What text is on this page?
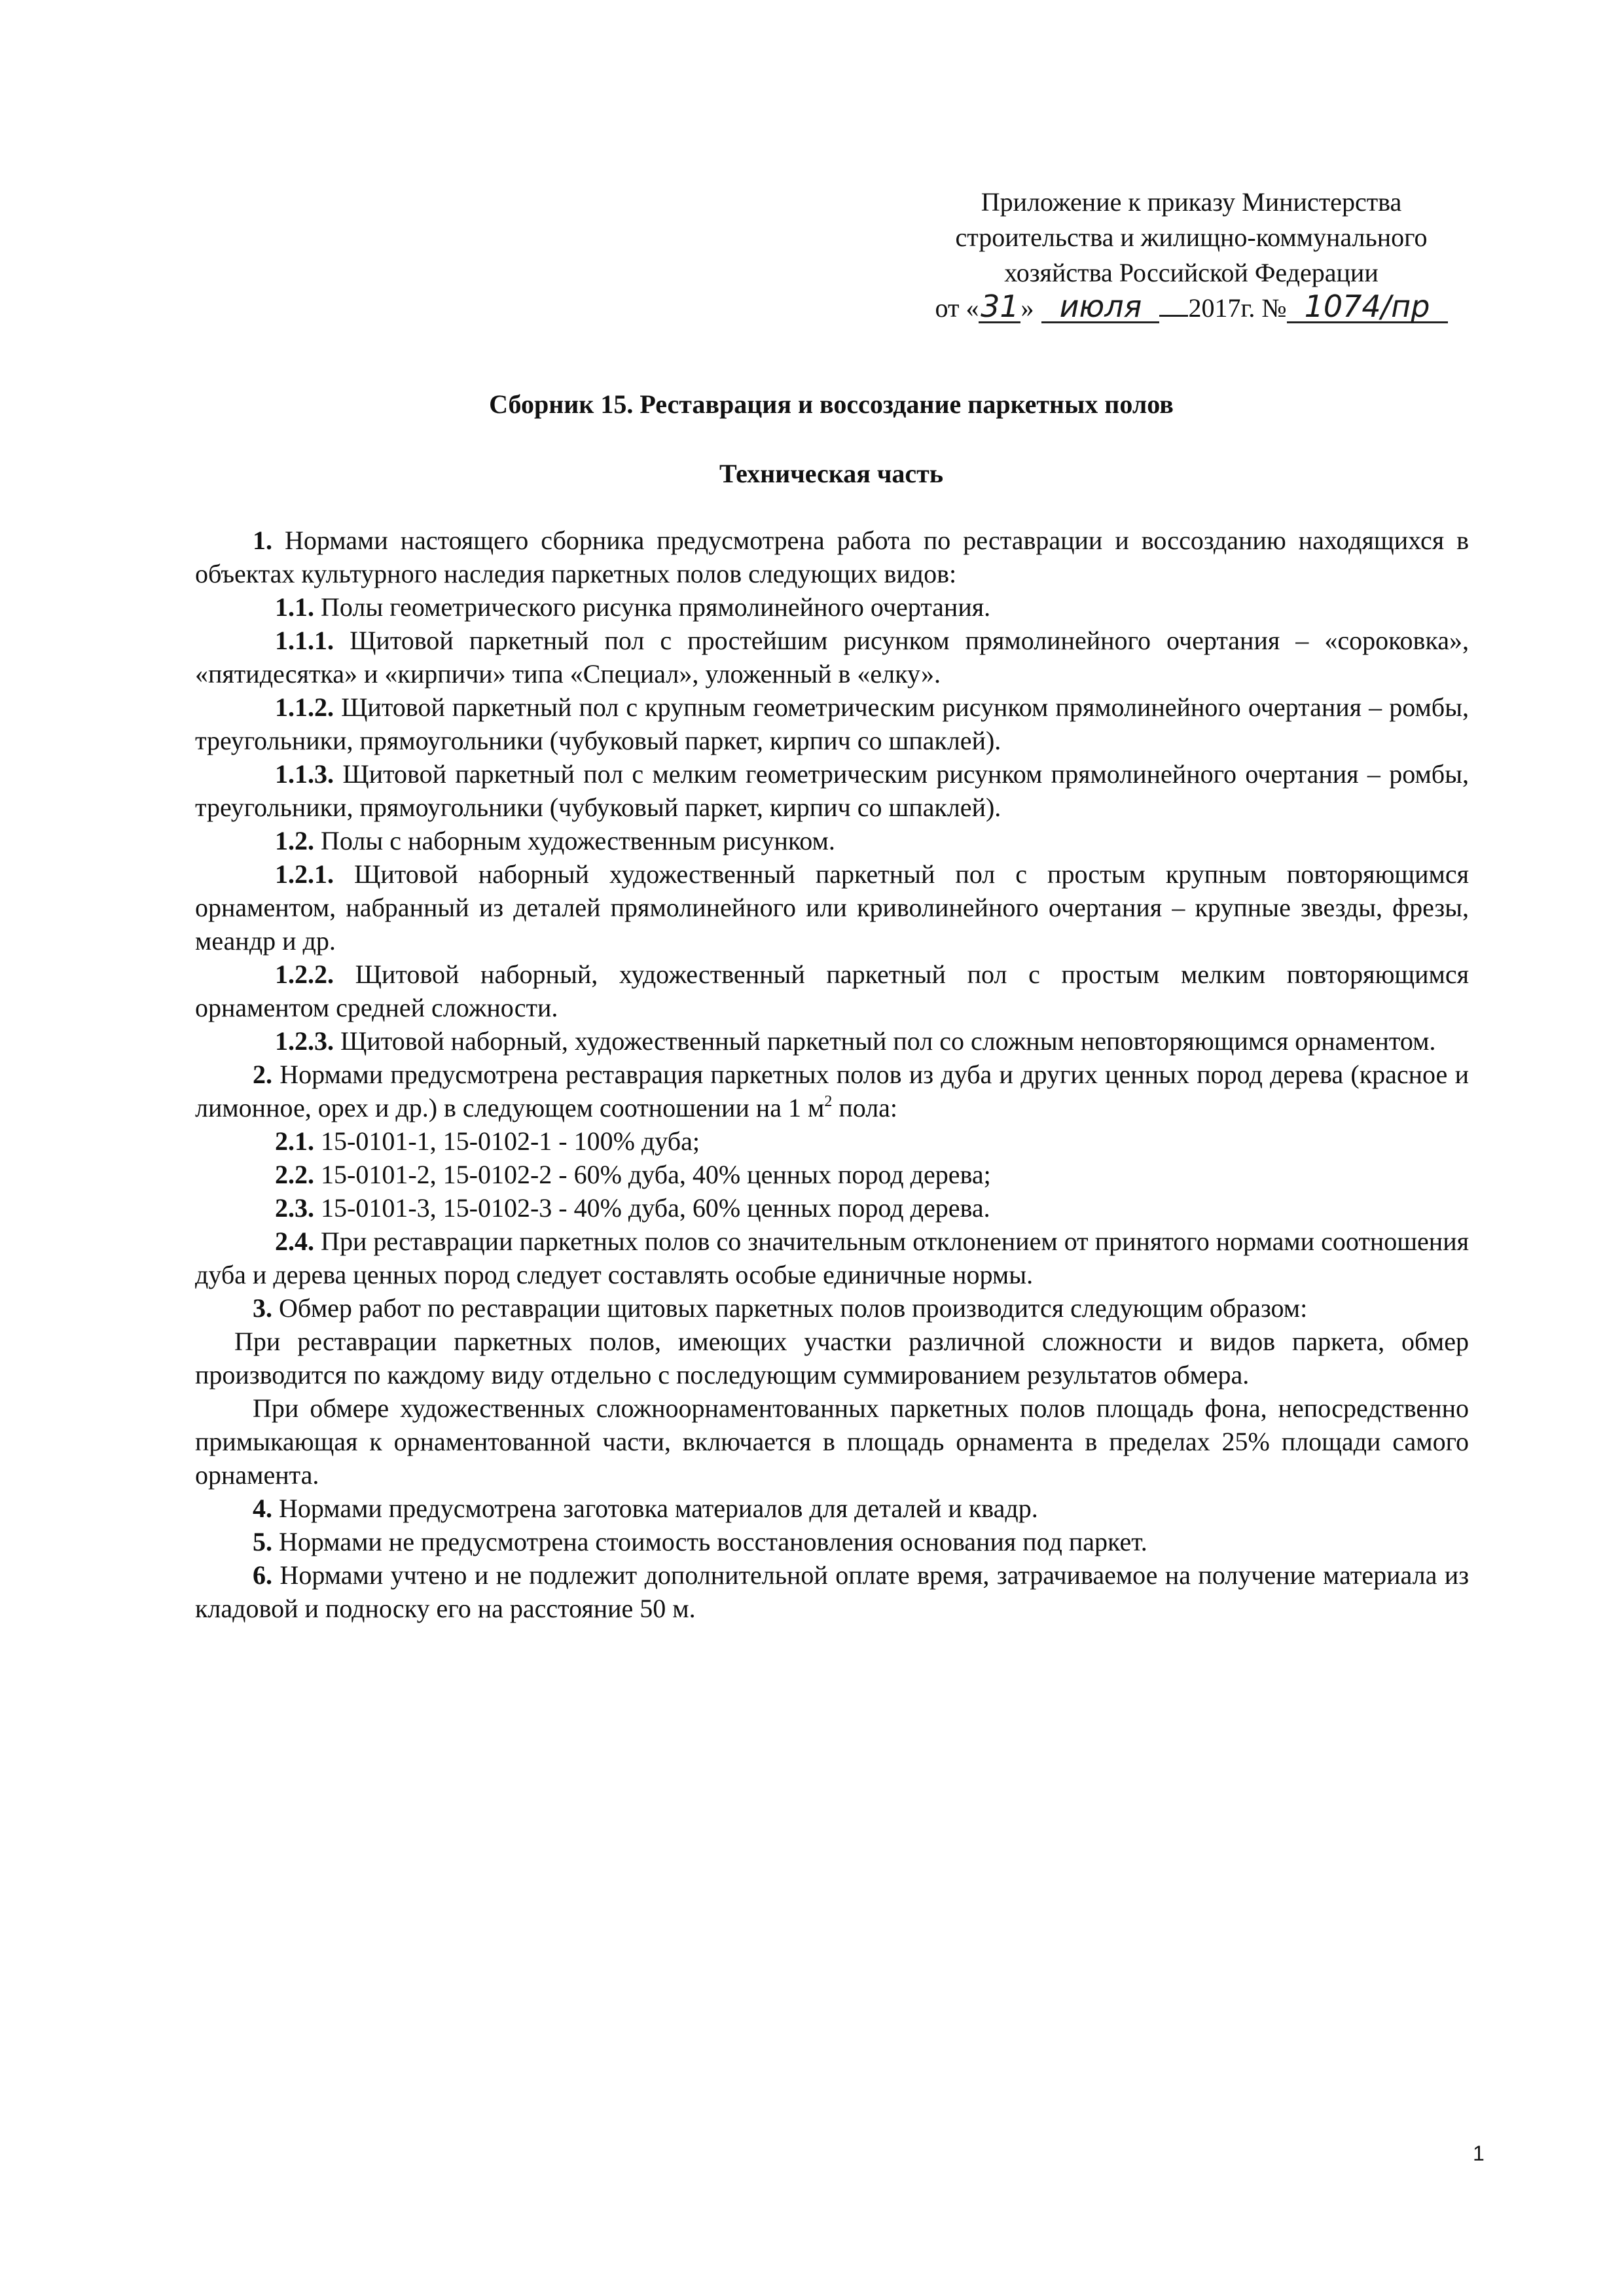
Приложение к приказу Министерства
строительства и жилищно-коммунального
хозяйства Российской Федерации
от «31» июля 2017г. № 1074/пр
Сборник 15. Реставрация и воссоздание паркетных полов
Техническая часть

1. Нормами настоящего сборника предусмотрена работа по реставрации и воссозданию находящихся в объектах культурного наследия паркетных полов следующих видов:

1.1. Полы геометрического рисунка прямолинейного очертания.

1.1.1. Щитовой паркетный пол с простейшим рисунком прямолинейного очертания – «сороковка», «пятидесятка» и «кирпичи» типа «Специал», уложенный в «елку».

1.1.2. Щитовой паркетный пол с крупным геометрическим рисунком прямолинейного очертания – ромбы, треугольники, прямоугольники (чубуковый паркет, кирпич со шпаклей).

1.1.3. Щитовой паркетный пол с мелким геометрическим рисунком прямолинейного очертания – ромбы, треугольники, прямоугольники (чубуковый паркет, кирпич со шпаклей).

1.2. Полы с наборным художественным рисунком.

1.2.1. Щитовой наборный художественный паркетный пол с простым крупным повторяющимся орнаментом, набранный из деталей прямолинейного или криволинейного очертания – крупные звезды, фрезы, меандр и др.

1.2.2. Щитовой наборный, художественный паркетный пол с простым мелким повторяющимся орнаментом средней сложности.

1.2.3. Щитовой наборный, художественный паркетный пол со сложным неповторяющимся орнаментом.

2. Нормами предусмотрена реставрация паркетных полов из дуба и других ценных пород дерева (красное и лимонное, орех и др.) в следующем соотношении на 1 $м^2$ пола:

2.1. 15-0101-1, 15-0102-1 - 100% дуба;

2.2. 15-0101-2, 15-0102-2 - 60% дуба, 40% ценных пород дерева;

2.3. 15-0101-3, 15-0102-3 - 40% дуба, 60% ценных пород дерева.

2.4. При реставрации паркетных полов со значительным отклонением от принятого нормами соотношения дуба и дерева ценных пород следует составлять особые единичные нормы.

3. Обмер работ по реставрации щитовых паркетных полов производится следующим образом:

При реставрации паркетных полов, имеющих участки различной сложности и видов паркета, обмер производится по каждому виду отдельно с последующим суммированием результатов обмера.

При обмере художественных сложноорнаментованных паркетных полов площадь фона, непосредственно примыкающая к орнаментованной части, включается в площадь орнамента в пределах 25% площади самого орнамента.

4. Нормами предусмотрена заготовка материалов для деталей и квадр.

5. Нормами не предусмотрена стоимость восстановления основания под паркет.

6. Нормами учтено и не подлежит дополнительной оплате время, затрачиваемое на получение материала из кладовой и подноску его на расстояние 50 м.

1
